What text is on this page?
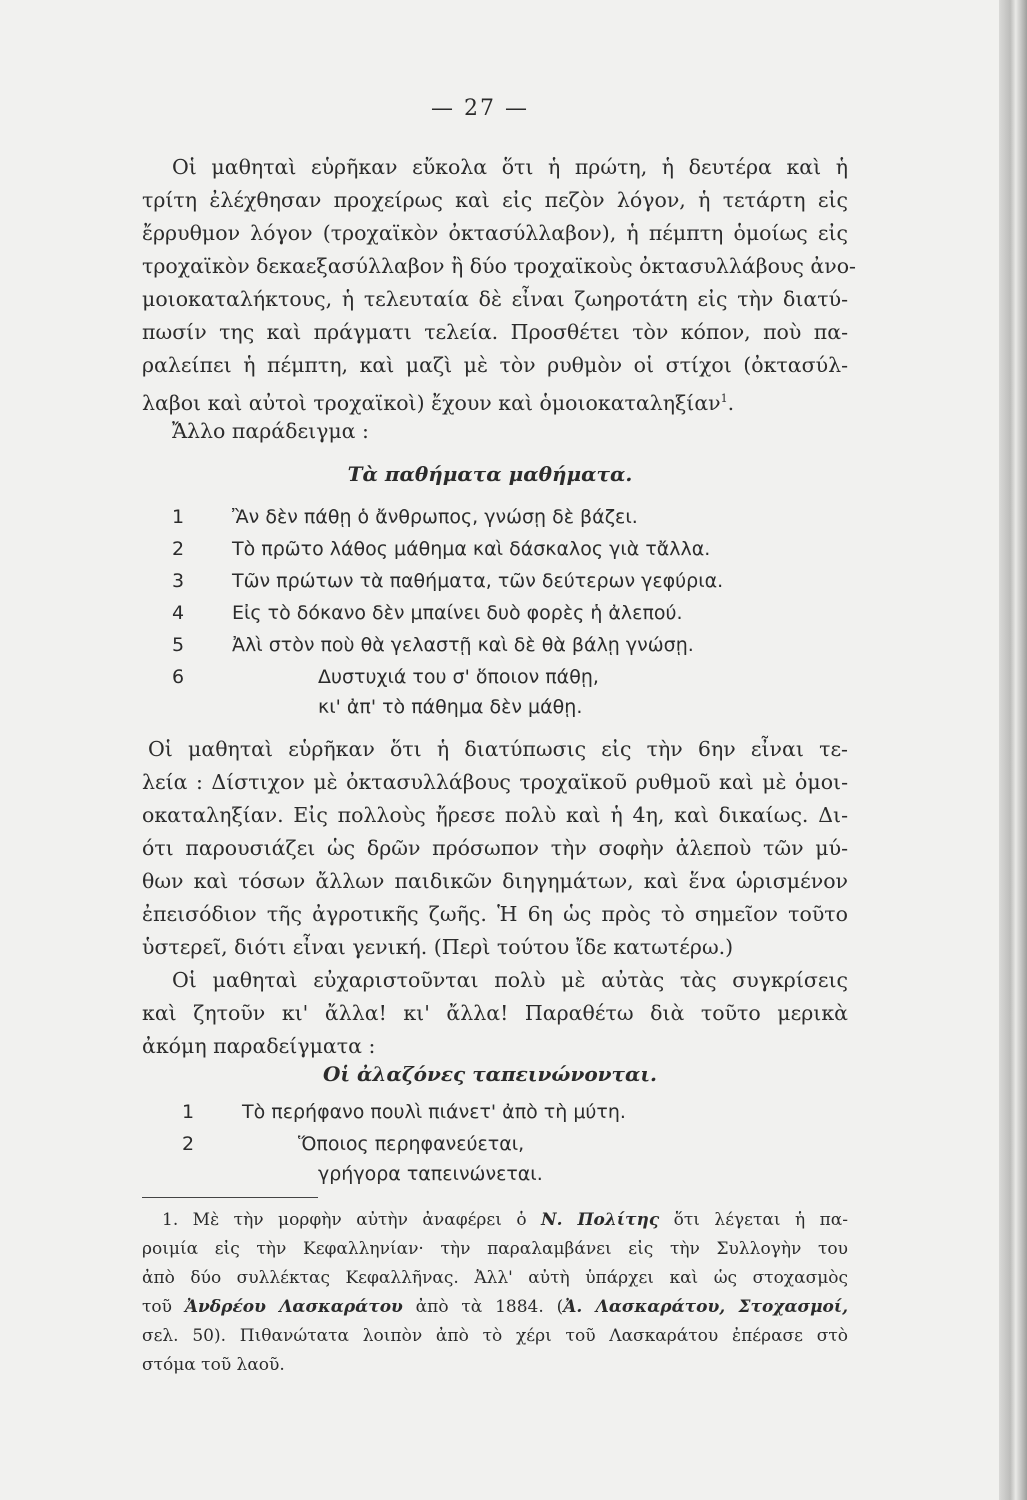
— 27 —
Οἱ μαθηταὶ εὑρῆκαν εὔκολα ὅτι ἡ πρώτη, ἡ δευτέρα καὶ ἡ
τρίτη ἐλέχθησαν προχείρως καὶ εἰς πεζὸν λόγον, ἡ τετάρτη εἰς
ἔρρυθμον λόγον (τροχαϊκὸν ὀκτασύλλαβον), ἡ πέμπτη ὁμοίως εἰς
τροχαϊκὸν δεκαεξασύλλαβον ἢ δύο τροχαϊκοὺς ὀκτασυλλάβους ἀνο-
μοιοκαταλήκτους, ἡ τελευταία δὲ εἶναι ζωηροτάτη εἰς τὴν διατύ-
πωσίν της καὶ πράγματι τελεία. Προσθέτει τὸν κόπον, ποὺ πα-
ραλείπει ἡ πέμπτη, καὶ μαζὶ μὲ τὸν ρυθμὸν οἱ στίχοι (ὀκτασύλ-
λαβοι καὶ αὐτοὶ τροχαϊκοὶ) ἔχουν καὶ ὁμοιοκαταληξίαν$^1$.
Ἄλλο παράδειγμα :
Τὰ παθήματα μαθήματα.
1	Ἂν δὲν πάθῃ ὁ ἄνθρωπος, γνώσῃ δὲ βάζει.
2	Τὸ πρῶτο λάθος μάθημα καὶ δάσκαλος γιὰ τἄλλα.
3	Τῶν πρώτων τὰ παθήματα, τῶν δεύτερων γεφύρια.
4	Εἰς τὸ δόκανο δὲν μπαίνει δυὸ φορὲς ἡ ἀλεπού.
5	Ἀλὶ στὸν ποὺ θὰ γελαστῇ καὶ δὲ θὰ βάλῃ γνώσῃ.
6	Δυστυχιά του σ' ὅποιον πάθῃ,
κι' ἀπ' τὸ πάθημα δὲν μάθῃ.
Οἱ μαθηταὶ εὑρῆκαν ὅτι ἡ διατύπωσις εἰς τὴν 6ην εἶναι τε-
λεία : Δίστιχον μὲ ὀκτασυλλάβους τροχαϊκοῦ ρυθμοῦ καὶ μὲ ὁμοι-
οκαταληξίαν. Εἰς πολλοὺς ἤρεσε πολὺ καὶ ἡ 4η, καὶ δικαίως. Δι-
ότι παρουσιάζει ὡς δρῶν πρόσωπον τὴν σοφὴν ἀλεποὺ τῶν μύ-
θων καὶ τόσων ἄλλων παιδικῶν διηγημάτων, καὶ ἕνα ὡρισμένον
ἐπεισόδιον τῆς ἀγροτικῆς ζωῆς. Ἡ 6η ὡς πρὸς τὸ σημεῖον τοῦτο
ὑστερεῖ, διότι εἶναι γενική. (Περὶ τούτου ἴδε κατωτέρω.)
Οἱ μαθηταὶ εὐχαριστοῦνται πολὺ μὲ αὐτὰς τὰς συγκρίσεις
καὶ ζητοῦν κι' ἄλλα! κι' ἄλλα! Παραθέτω διὰ τοῦτο μερικὰ
ἀκόμη παραδείγματα :
Οἱ ἀλαζόνες ταπεινώνονται.
1	Τὸ περήφανο πουλὶ πιάνετ' ἀπὸ τὴ μύτη.
2	Ὅποιος περηφανεύεται,
γρήγορα ταπεινώνεται.
1. Μὲ τὴν μορφὴν αὐτὴν ἀναφέρει ὁ Ν. Πολίτης ὅτι λέγεται ἡ πα-
ροιμία εἰς τὴν Κεφαλληνίαν· τὴν παραλαμβάνει εἰς τὴν Συλλογὴν του
ἀπὸ δύο συλλέκτας Κεφαλλῆνας. Ἀλλ' αὐτὴ ὑπάρχει καὶ ὡς στοχασμὸς
τοῦ Ἀνδρέου Λασκαράτου ἀπὸ τὰ 1884. (Ἀ. Λασκαράτου, Στοχασμοί,
σελ. 50). Πιθανώτατα λοιπὸν ἀπὸ τὸ χέρι τοῦ Λασκαράτου ἐπέρασε στὸ
στόμα τοῦ λαοῦ.
